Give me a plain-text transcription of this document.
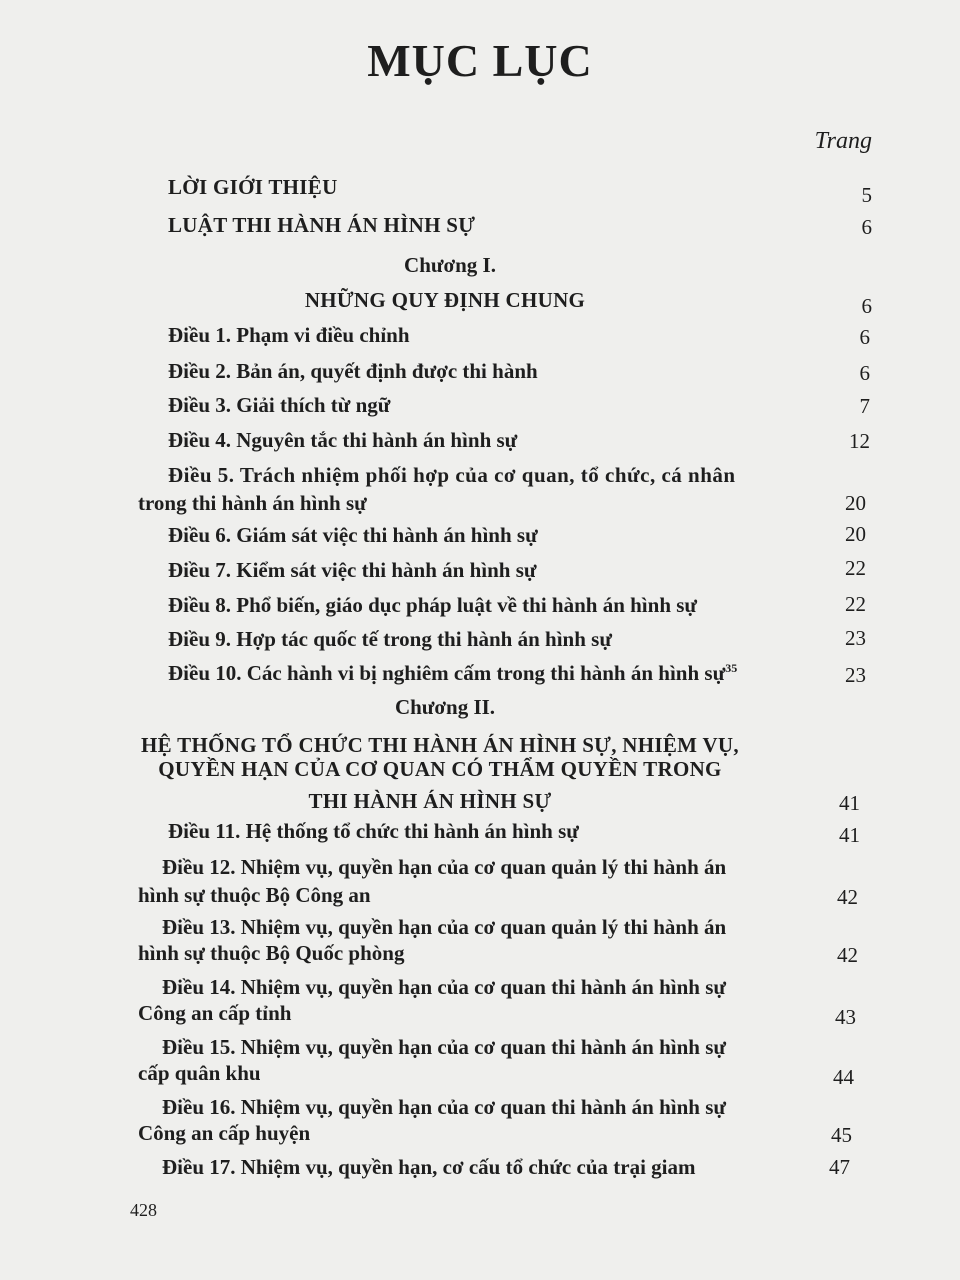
MỤC LỤC
Trang
LỜI GIỚI THIỆU	5
LUẬT THI HÀNH ÁN HÌNH SỰ	6
Chương I.
NHỮNG QUY ĐỊNH CHUNG	6
Điều 1. Phạm vi điều chỉnh	6
Điều 2. Bản án, quyết định được thi hành	6
Điều 3. Giải thích từ ngữ	7
Điều 4. Nguyên tắc thi hành án hình sự	12
Điều 5. Trách nhiệm phối hợp của cơ quan, tổ chức, cá nhân
trong thi hành án hình sự	20
Điều 6. Giám sát việc thi hành án hình sự	20
Điều 7. Kiểm sát việc thi hành án hình sự	22
Điều 8. Phổ biến, giáo dục pháp luật về thi hành án hình sự	22
Điều 9. Hợp tác quốc tế trong thi hành án hình sự	23
Điều 10. Các hành vi bị nghiêm cấm trong thi hành án hình sự$^{35}$	23
Chương II.
HỆ THỐNG TỔ CHỨC THI HÀNH ÁN HÌNH SỰ, NHIỆM VỤ,
QUYỀN HẠN CỦA CƠ QUAN CÓ THẨM QUYỀN TRONG
THI HÀNH ÁN HÌNH SỰ	41
Điều 11. Hệ thống tổ chức thi hành án hình sự	41
Điều 12. Nhiệm vụ, quyền hạn của cơ quan quản lý thi hành án
hình sự thuộc Bộ Công an	42
Điều 13. Nhiệm vụ, quyền hạn của cơ quan quản lý thi hành án
hình sự thuộc Bộ Quốc phòng	42
Điều 14. Nhiệm vụ, quyền hạn của cơ quan thi hành án hình sự
Công an cấp tỉnh	43
Điều 15. Nhiệm vụ, quyền hạn của cơ quan thi hành án hình sự
cấp quân khu	44
Điều 16. Nhiệm vụ, quyền hạn của cơ quan thi hành án hình sự
Công an cấp huyện	45
Điều 17. Nhiệm vụ, quyền hạn, cơ cấu tổ chức của trại giam	47
428
